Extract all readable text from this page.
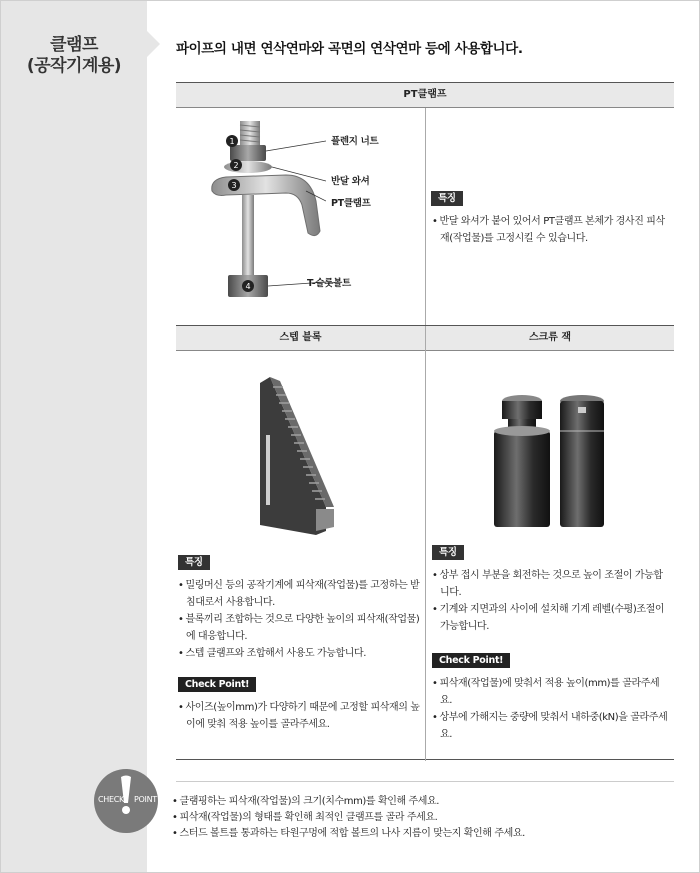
클램프
(공작기계용)
파이프의 내면 연삭연마와 곡면의 연삭연마 등에 사용합니다.
PT클램프
1
2
3
4
플렌지 너트
반달 와셔
PT클램프
T-슬롯볼트
특징
• 반달 와셔가 붙어 있어서 PT클램프 본체가 경사진 피삭재(작업물)를 고정시킬 수 있습니다.
스텝 블록	스크류 잭
특징
• 밀링머신 등의 공작기계에 피삭재(작업물)를 고정하는 받침대로서 사용합니다.
• 블록끼리 조합하는 것으로 다양한 높이의 피삭재(작업물)에 대응합니다.
• 스텝 클램프와 조합해서 사용도 가능합니다.
Check Point!
• 사이즈(높이mm)가 다양하기 때문에 고정할 피삭재의 높이에 맞춰 적용 높이를 골라주세요.
특징
• 상부 접시 부분을 회전하는 것으로 높이 조절이 가능합니다.
• 기계와 지면과의 사이에 설치해 기계 레벨(수평)조절이 가능합니다.
Check Point!
• 피삭재(작업물)에 맞춰서 적용 높이(mm)를 골라주세요.
• 상부에 가해지는 중량에 맞춰서 내하중(kN)을 골라주세요.
CHECK POINT
•	클램핑하는 피삭재(작업물)의 크기(치수mm)를 확인해 주세요.
• 피삭재(작업물)의 형태를 확인해 최적인 클램프를 골라 주세요.
• 스터드 볼트를 통과하는 타원구멍에 적합 볼트의 나사 지름이 맞는지 확인해 주세요.
